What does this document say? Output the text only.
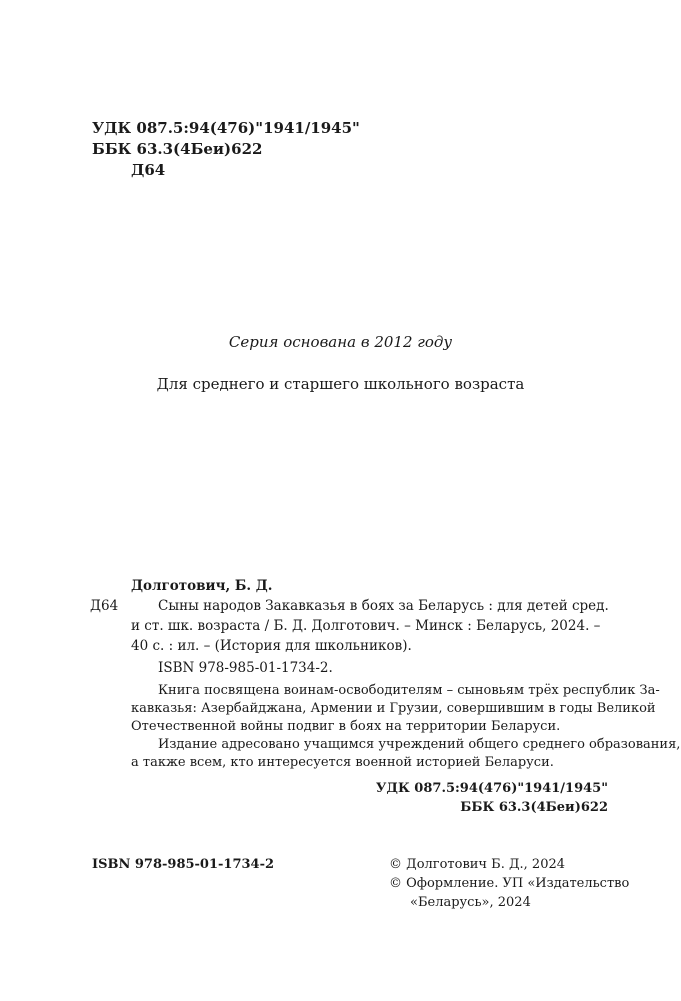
УДК 087.5:94(476)"1941/1945"
ББК 63.3(4Беи)622
Д64
Серия основана в 2012 году
Для среднего и старшего школьного возраста
Долготович, Б. Д.
Д64	Сыны народов Закавказья в боях за Беларусь : для детей сред.
и ст. шк. возраста / Б. Д. Долготович. – Минск : Беларусь, 2024. –
40 с. : ил. – (История для школьников).
ISBN 978-985-01-1734-2.
Книга посвящена воинам-освободителям – сыновьям трёх республик За-
кавказья: Азербайджана, Армении и Грузии, совершившим в годы Великой
Отечественной войны подвиг в боях на территории Беларуси.
Издание адресовано учащимся учреждений общего среднего образования,
а также всем, кто интересуется военной историей Беларуси.
УДК 087.5:94(476)"1941/1945"
ББК 63.3(4Беи)622
ISBN 978-985-01-1734-2	© Долготович Б. Д., 2024
© Оформление. УП «Издательство
«Беларусь», 2024
